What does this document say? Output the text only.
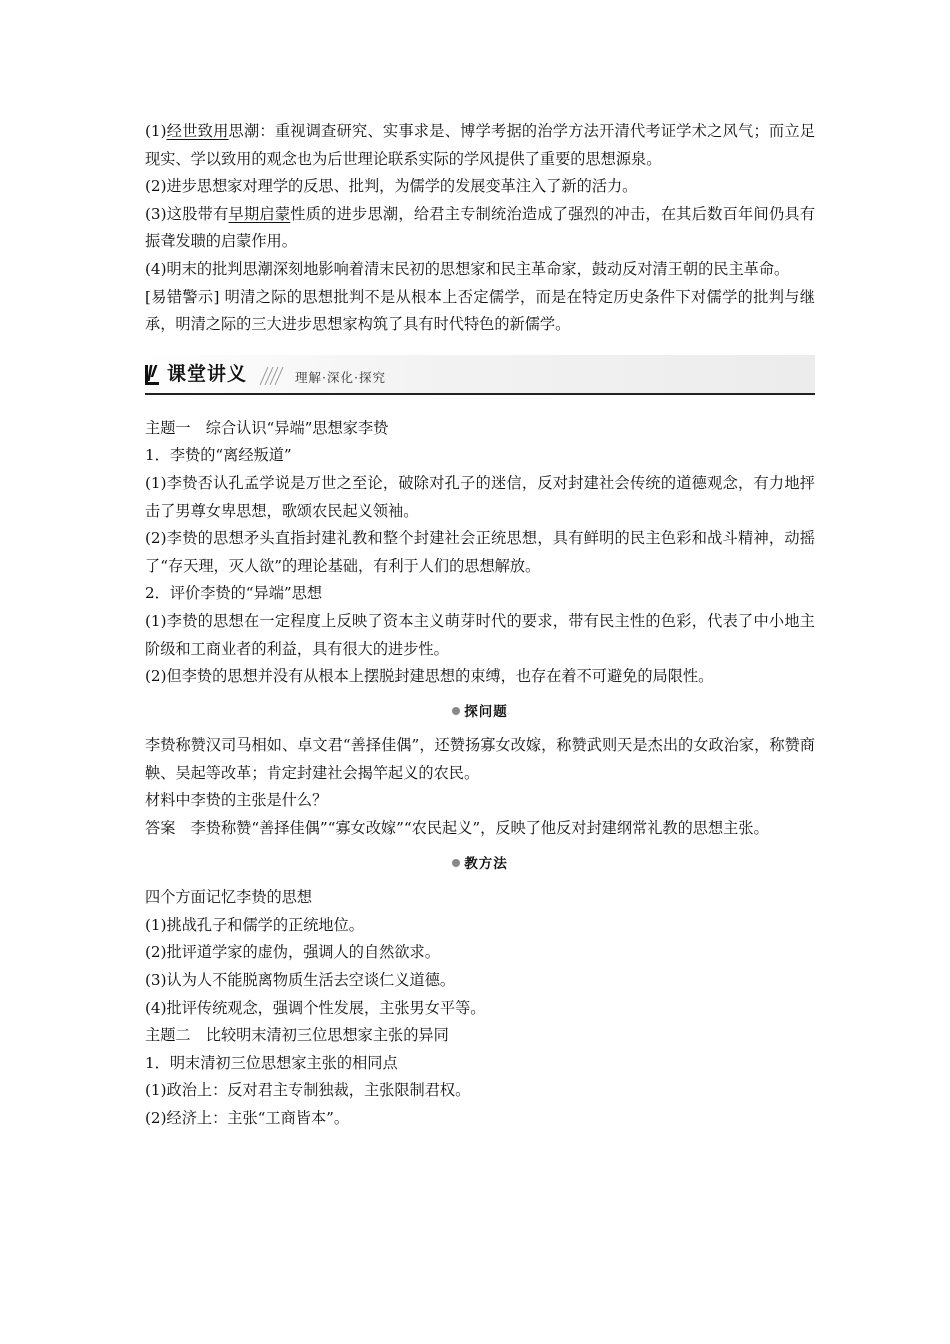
(1)经世致用思潮：重视调查研究、实事求是、博学考据的治学方法开清代考证学术之风气；而立足现实、学以致用的观念也为后世理论联系实际的学风提供了重要的思想源泉。

(2)进步思想家对理学的反思、批判，为儒学的发展变革注入了新的活力。

(3)这股带有早期启蒙性质的进步思潮，给君主专制统治造成了强烈的冲击，在其后数百年间仍具有振聋发聩的启蒙作用。

(4)明末的批判思潮深刻地影响着清末民初的思想家和民主革命家，鼓动反对清王朝的民主革命。

[易错警示] 明清之际的思想批判不是从根本上否定儒学，而是在特定历史条件下对儒学的批判与继承，明清之际的三大进步思想家构筑了具有时代特色的新儒学。

课堂讲义	理解·深化·探究

主题一　综合认识“异端”思想家李贽

1．李贽的“离经叛道”

(1)李贽否认孔孟学说是万世之至论，破除对孔子的迷信，反对封建社会传统的道德观念，有力地抨击了男尊女卑思想，歌颂农民起义领袖。

(2)李贽的思想矛头直指封建礼教和整个封建社会正统思想，具有鲜明的民主色彩和战斗精神，动摇了“存天理，灭人欲”的理论基础，有利于人们的思想解放。

2．评价李贽的“异端”思想

(1)李贽的思想在一定程度上反映了资本主义萌芽时代的要求，带有民主性的色彩，代表了中小地主阶级和工商业者的利益，具有很大的进步性。

(2)但李贽的思想并没有从根本上摆脱封建思想的束缚，也存在着不可避免的局限性。

探问题

李贽称赞汉司马相如、卓文君“善择佳偶”，还赞扬寡女改嫁，称赞武则天是杰出的女政治家，称赞商鞅、吴起等改革；肯定封建社会揭竿起义的农民。

材料中李贽的主张是什么？

答案　李贽称赞“善择佳偶”“寡女改嫁”“农民起义”，反映了他反对封建纲常礼教的思想主张。

教方法

四个方面记忆李贽的思想

(1)挑战孔子和儒学的正统地位。

(2)批评道学家的虚伪，强调人的自然欲求。

(3)认为人不能脱离物质生活去空谈仁义道德。

(4)批评传统观念，强调个性发展，主张男女平等。

主题二　比较明末清初三位思想家主张的异同

1．明末清初三位思想家主张的相同点

(1)政治上：反对君主专制独裁，主张限制君权。

(2)经济上：主张“工商皆本”。
